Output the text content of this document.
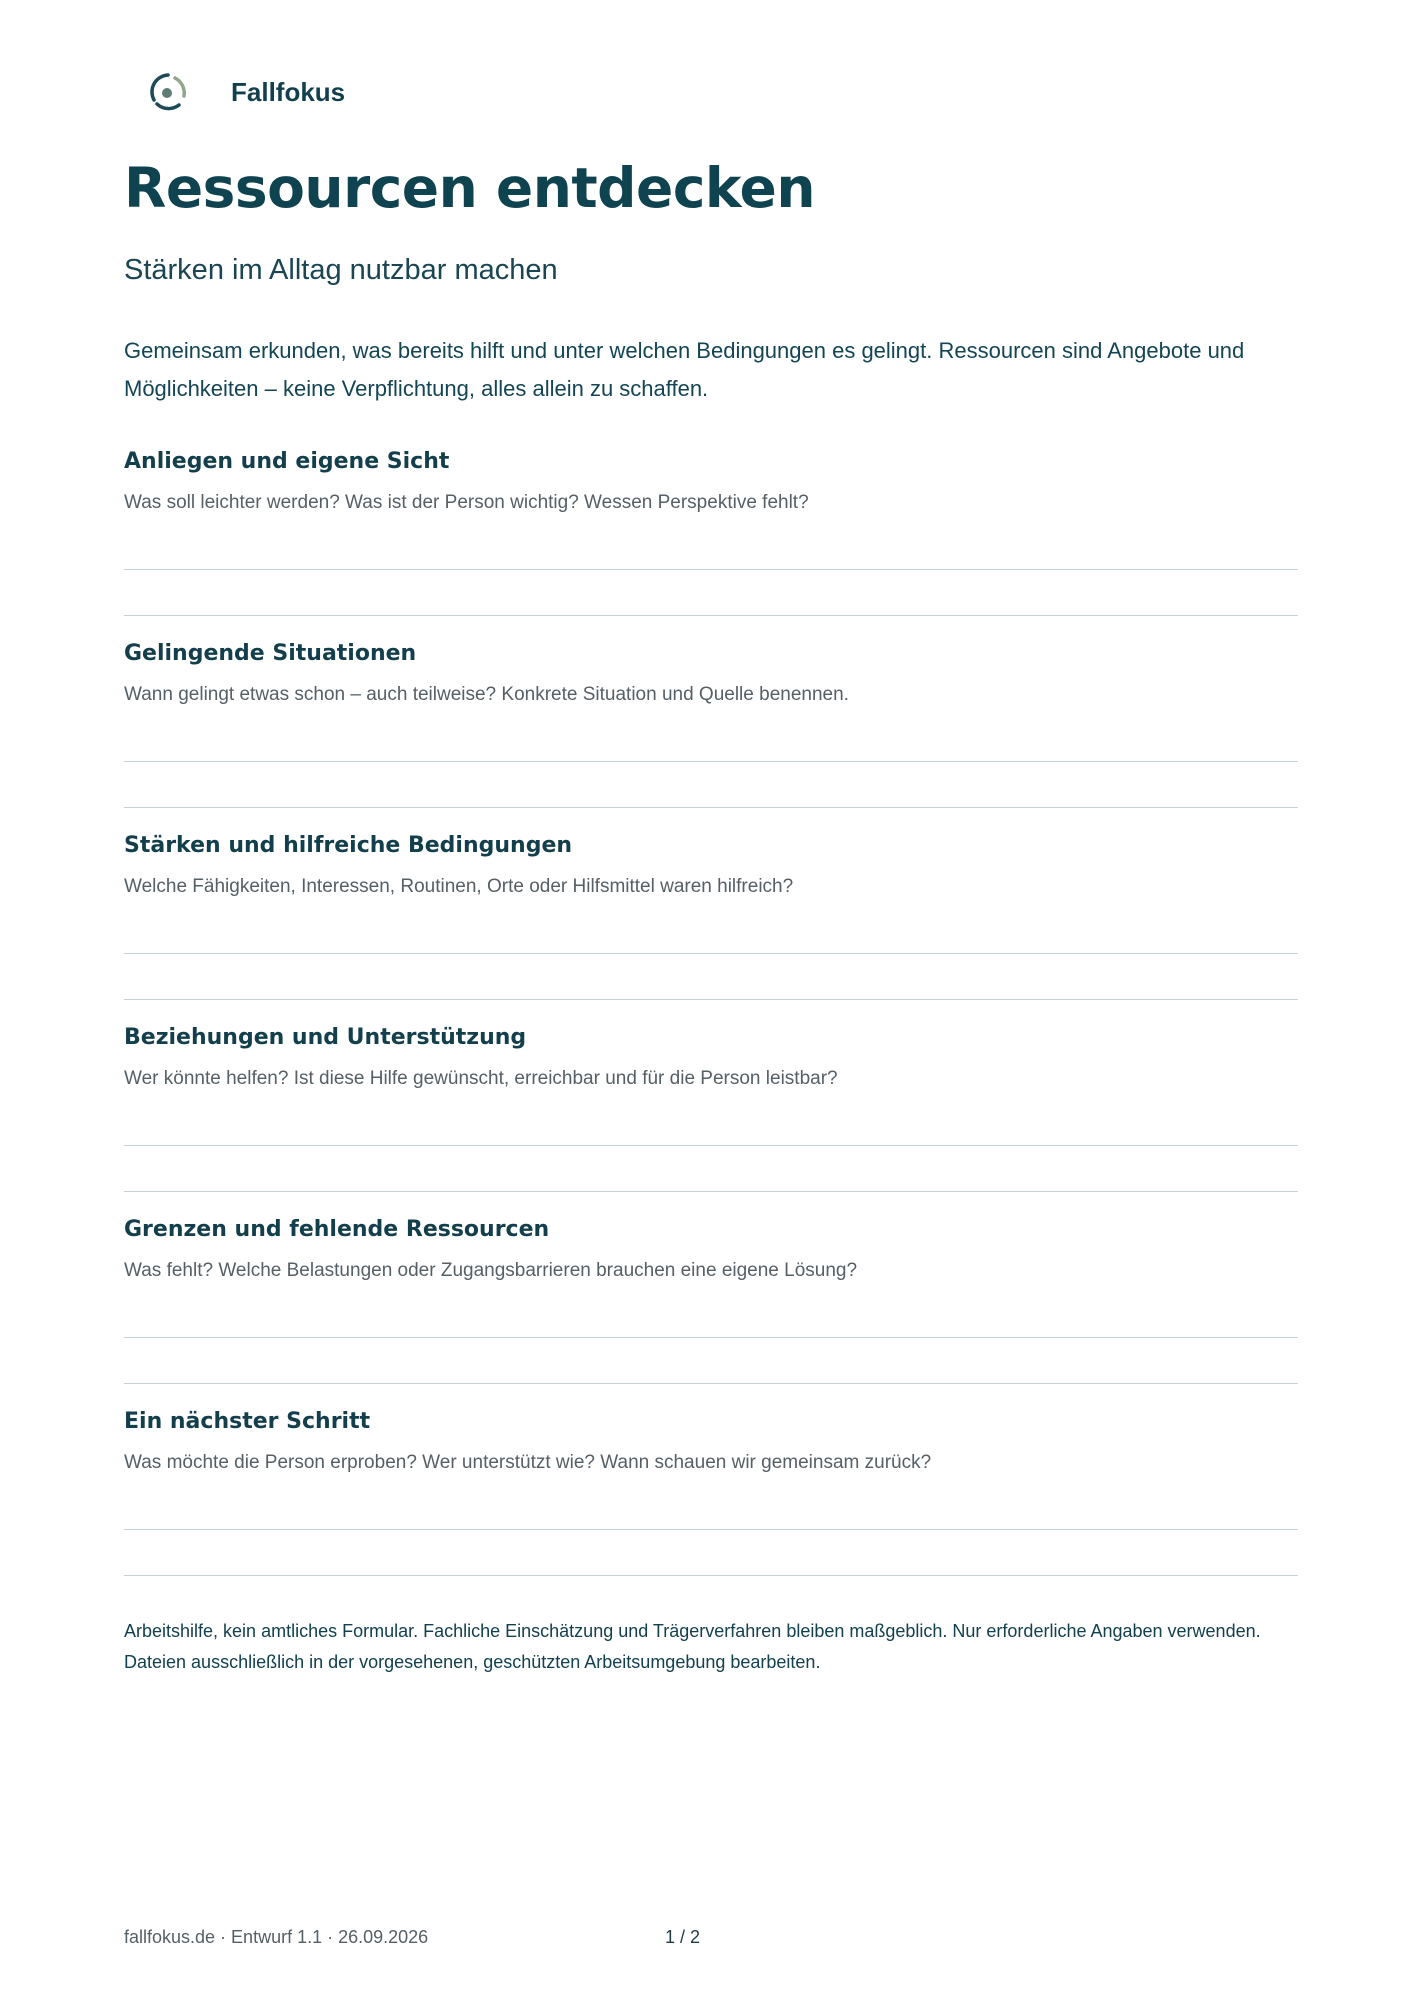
Fallfokus
Ressourcen entdecken
Stärken im Alltag nutzbar machen
Gemeinsam erkunden, was bereits hilft und unter welchen Bedingungen es gelingt. Ressourcen sind Angebote und Möglichkeiten – keine Verpflichtung, alles allein zu schaffen.
Anliegen und eigene Sicht
Was soll leichter werden? Was ist der Person wichtig? Wessen Perspektive fehlt?
Gelingende Situationen
Wann gelingt etwas schon – auch teilweise? Konkrete Situation und Quelle benennen.
Stärken und hilfreiche Bedingungen
Welche Fähigkeiten, Interessen, Routinen, Orte oder Hilfsmittel waren hilfreich?
Beziehungen und Unterstützung
Wer könnte helfen? Ist diese Hilfe gewünscht, erreichbar und für die Person leistbar?
Grenzen und fehlende Ressourcen
Was fehlt? Welche Belastungen oder Zugangsbarrieren brauchen eine eigene Lösung?
Ein nächster Schritt
Was möchte die Person erproben? Wer unterstützt wie? Wann schauen wir gemeinsam zurück?
Arbeitshilfe, kein amtliches Formular. Fachliche Einschätzung und Trägerverfahren bleiben maßgeblich. Nur erforderliche Angaben verwenden. Dateien ausschließlich in der vorgesehenen, geschützten Arbeitsumgebung bearbeiten.
fallfokus.de · Entwurf 1.1 · 26.09.2026	1 / 2
